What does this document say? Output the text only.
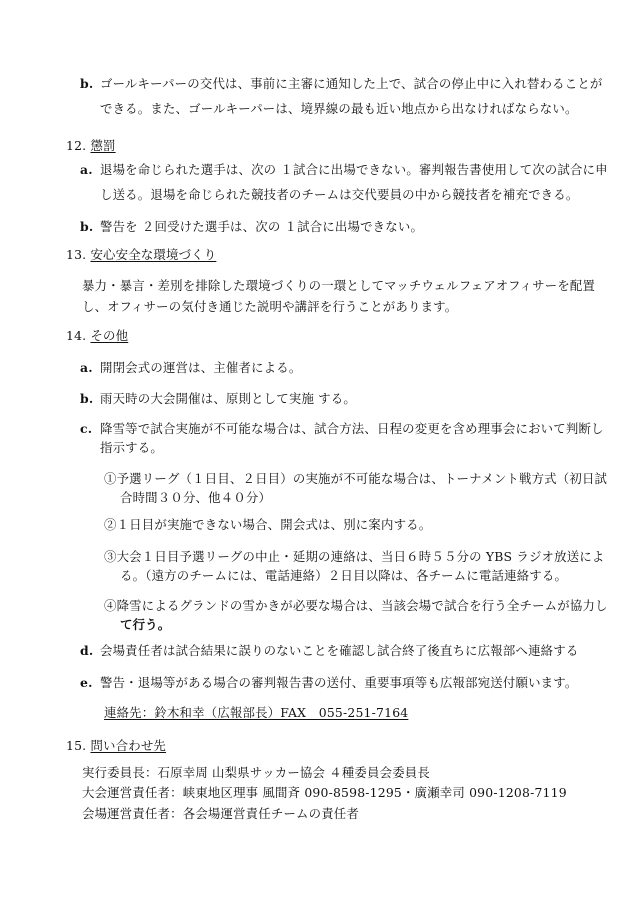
b. ゴールキーパーの交代は、事前に主審に通知した上で、試合の停止中に入れ替わることが
できる。また、ゴールキーパーは、境界線の最も近い地点から出なければならない。
12. 懲罰
a. 退場を命じられた選手は、次の １試合に出場できない。審判報告書使用して次の試合に申
し送る。退場を命じられた競技者のチームは交代要員の中から競技者を補充できる。
b. 警告を ２回受けた選手は、次の １試合に出場できない。
13. 安心安全な環境づくり
暴力・暴言・差別を排除した環境づくりの一環としてマッチウェルフェアオフィサーを配置
し、オフィサーの気付き通じた説明や講評を行うことがあります。
14. その他
a. 開閉会式の運営は、主催者による。
b. 雨天時の大会開催は、原則として実施 する。
c. 降雪等で試合実施が不可能な場合は、試合方法、日程の変更を含め理事会において判断し
指示する。
①予選リーグ（１日目、２日目）の実施が不可能な場合は、トーナメント戦方式（初日試
合時間３０分、他４０分）
②１日目が実施できない場合、開会式は、別に案内する。
③大会１日目予選リーグの中止・延期の連絡は、当日６時５５分の YBS ラジオ放送によ
る。（遠方のチームには、電話連絡）２日目以降は、各チームに電話連絡する。
④降雪によるグランドの雪かきが必要な場合は、当該会場で試合を行う全チームが協力し
て行う。
d. 会場責任者は試合結果に誤りのないことを確認し試合終了後直ちに広報部へ連絡する
e. 警告・退場等がある場合の審判報告書の送付、重要事項等も広報部宛送付願います。
連絡先：鈴木和幸（広報部長）FAX　055-251-7164
15. 問い合わせ先
実行委員長：石原幸周 山梨県サッカー協会 ４種委員会委員長
大会運営責任者：峡東地区理事 風間斉 090-8598-1295・廣瀬幸司 090-1208-7119
会場運営責任者：各会場運営責任チームの責任者
